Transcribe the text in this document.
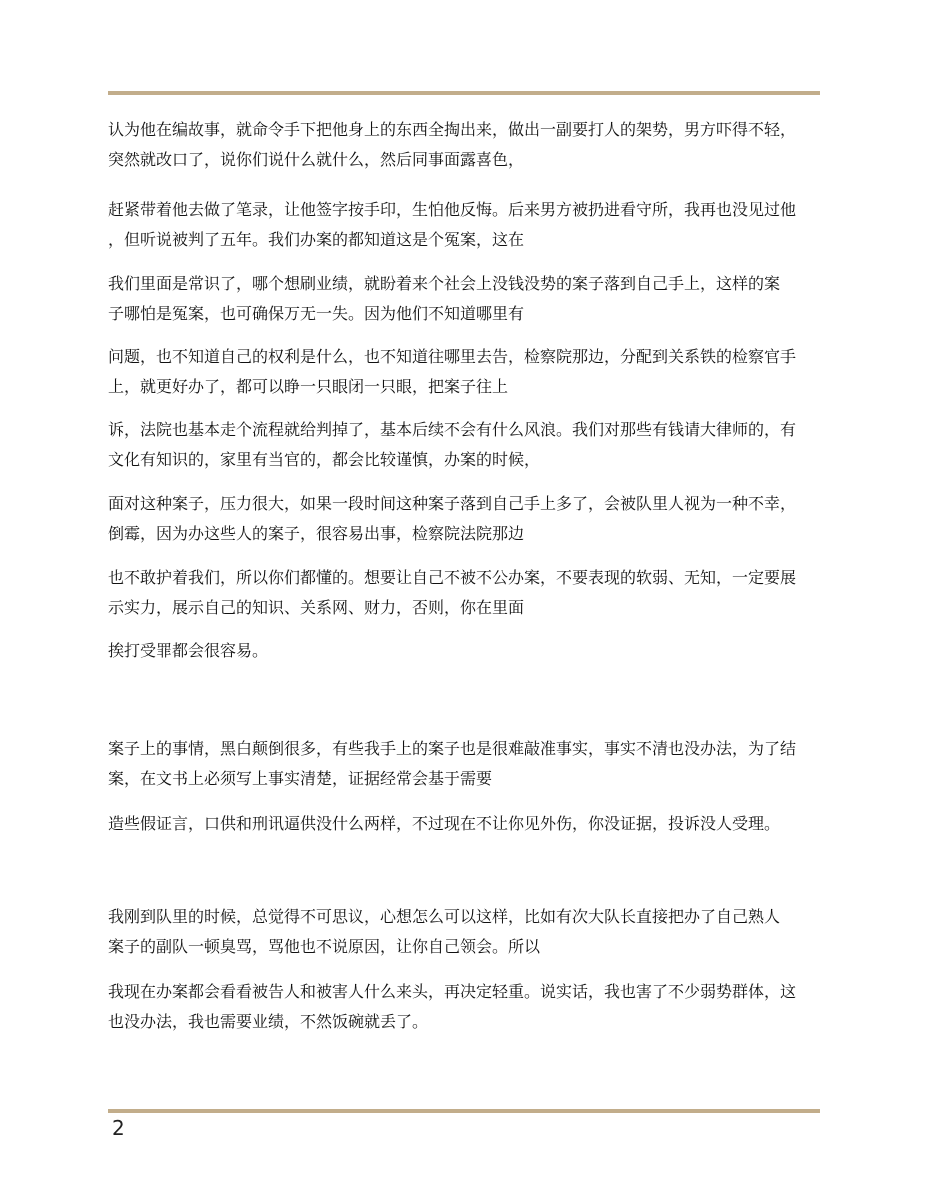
认为他在编故事，就命令手下把他身上的东西全掏出来，做出一副要打人的架势，男方吓得不轻，
突然就改口了，说你们说什么就什么，然后同事面露喜色，

赶紧带着他去做了笔录，让他签字按手印，生怕他反悔。后来男方被扔进看守所，我再也没见过他
，但听说被判了五年。我们办案的都知道这是个冤案，这在

我们里面是常识了，哪个想刷业绩，就盼着来个社会上没钱没势的案子落到自己手上，这样的案
子哪怕是冤案，也可确保万无一失。因为他们不知道哪里有

问题，也不知道自己的权利是什么，也不知道往哪里去告，检察院那边，分配到关系铁的检察官手
上，就更好办了，都可以睁一只眼闭一只眼，把案子往上

诉，法院也基本走个流程就给判掉了，基本后续不会有什么风浪。我们对那些有钱请大律师的，有
文化有知识的，家里有当官的，都会比较谨慎，办案的时候，

面对这种案子，压力很大，如果一段时间这种案子落到自己手上多了，会被队里人视为一种不幸，
倒霉，因为办这些人的案子，很容易出事，检察院法院那边

也不敢护着我们，所以你们都懂的。想要让自己不被不公办案，不要表现的软弱、无知，一定要展
示实力，展示自己的知识、关系网、财力，否则，你在里面

挨打受罪都会很容易。

案子上的事情，黑白颠倒很多，有些我手上的案子也是很难敲准事实，事实不清也没办法，为了结
案，在文书上必须写上事实清楚，证据经常会基于需要

造些假证言，口供和刑讯逼供没什么两样，不过现在不让你见外伤，你没证据，投诉没人受理。

我刚到队里的时候，总觉得不可思议，心想怎么可以这样，比如有次大队长直接把办了自己熟人
案子的副队一顿臭骂，骂他也不说原因，让你自己领会。所以

我现在办案都会看看被告人和被害人什么来头，再决定轻重。说实话，我也害了不少弱势群体，这
也没办法，我也需要业绩，不然饭碗就丢了。

2
